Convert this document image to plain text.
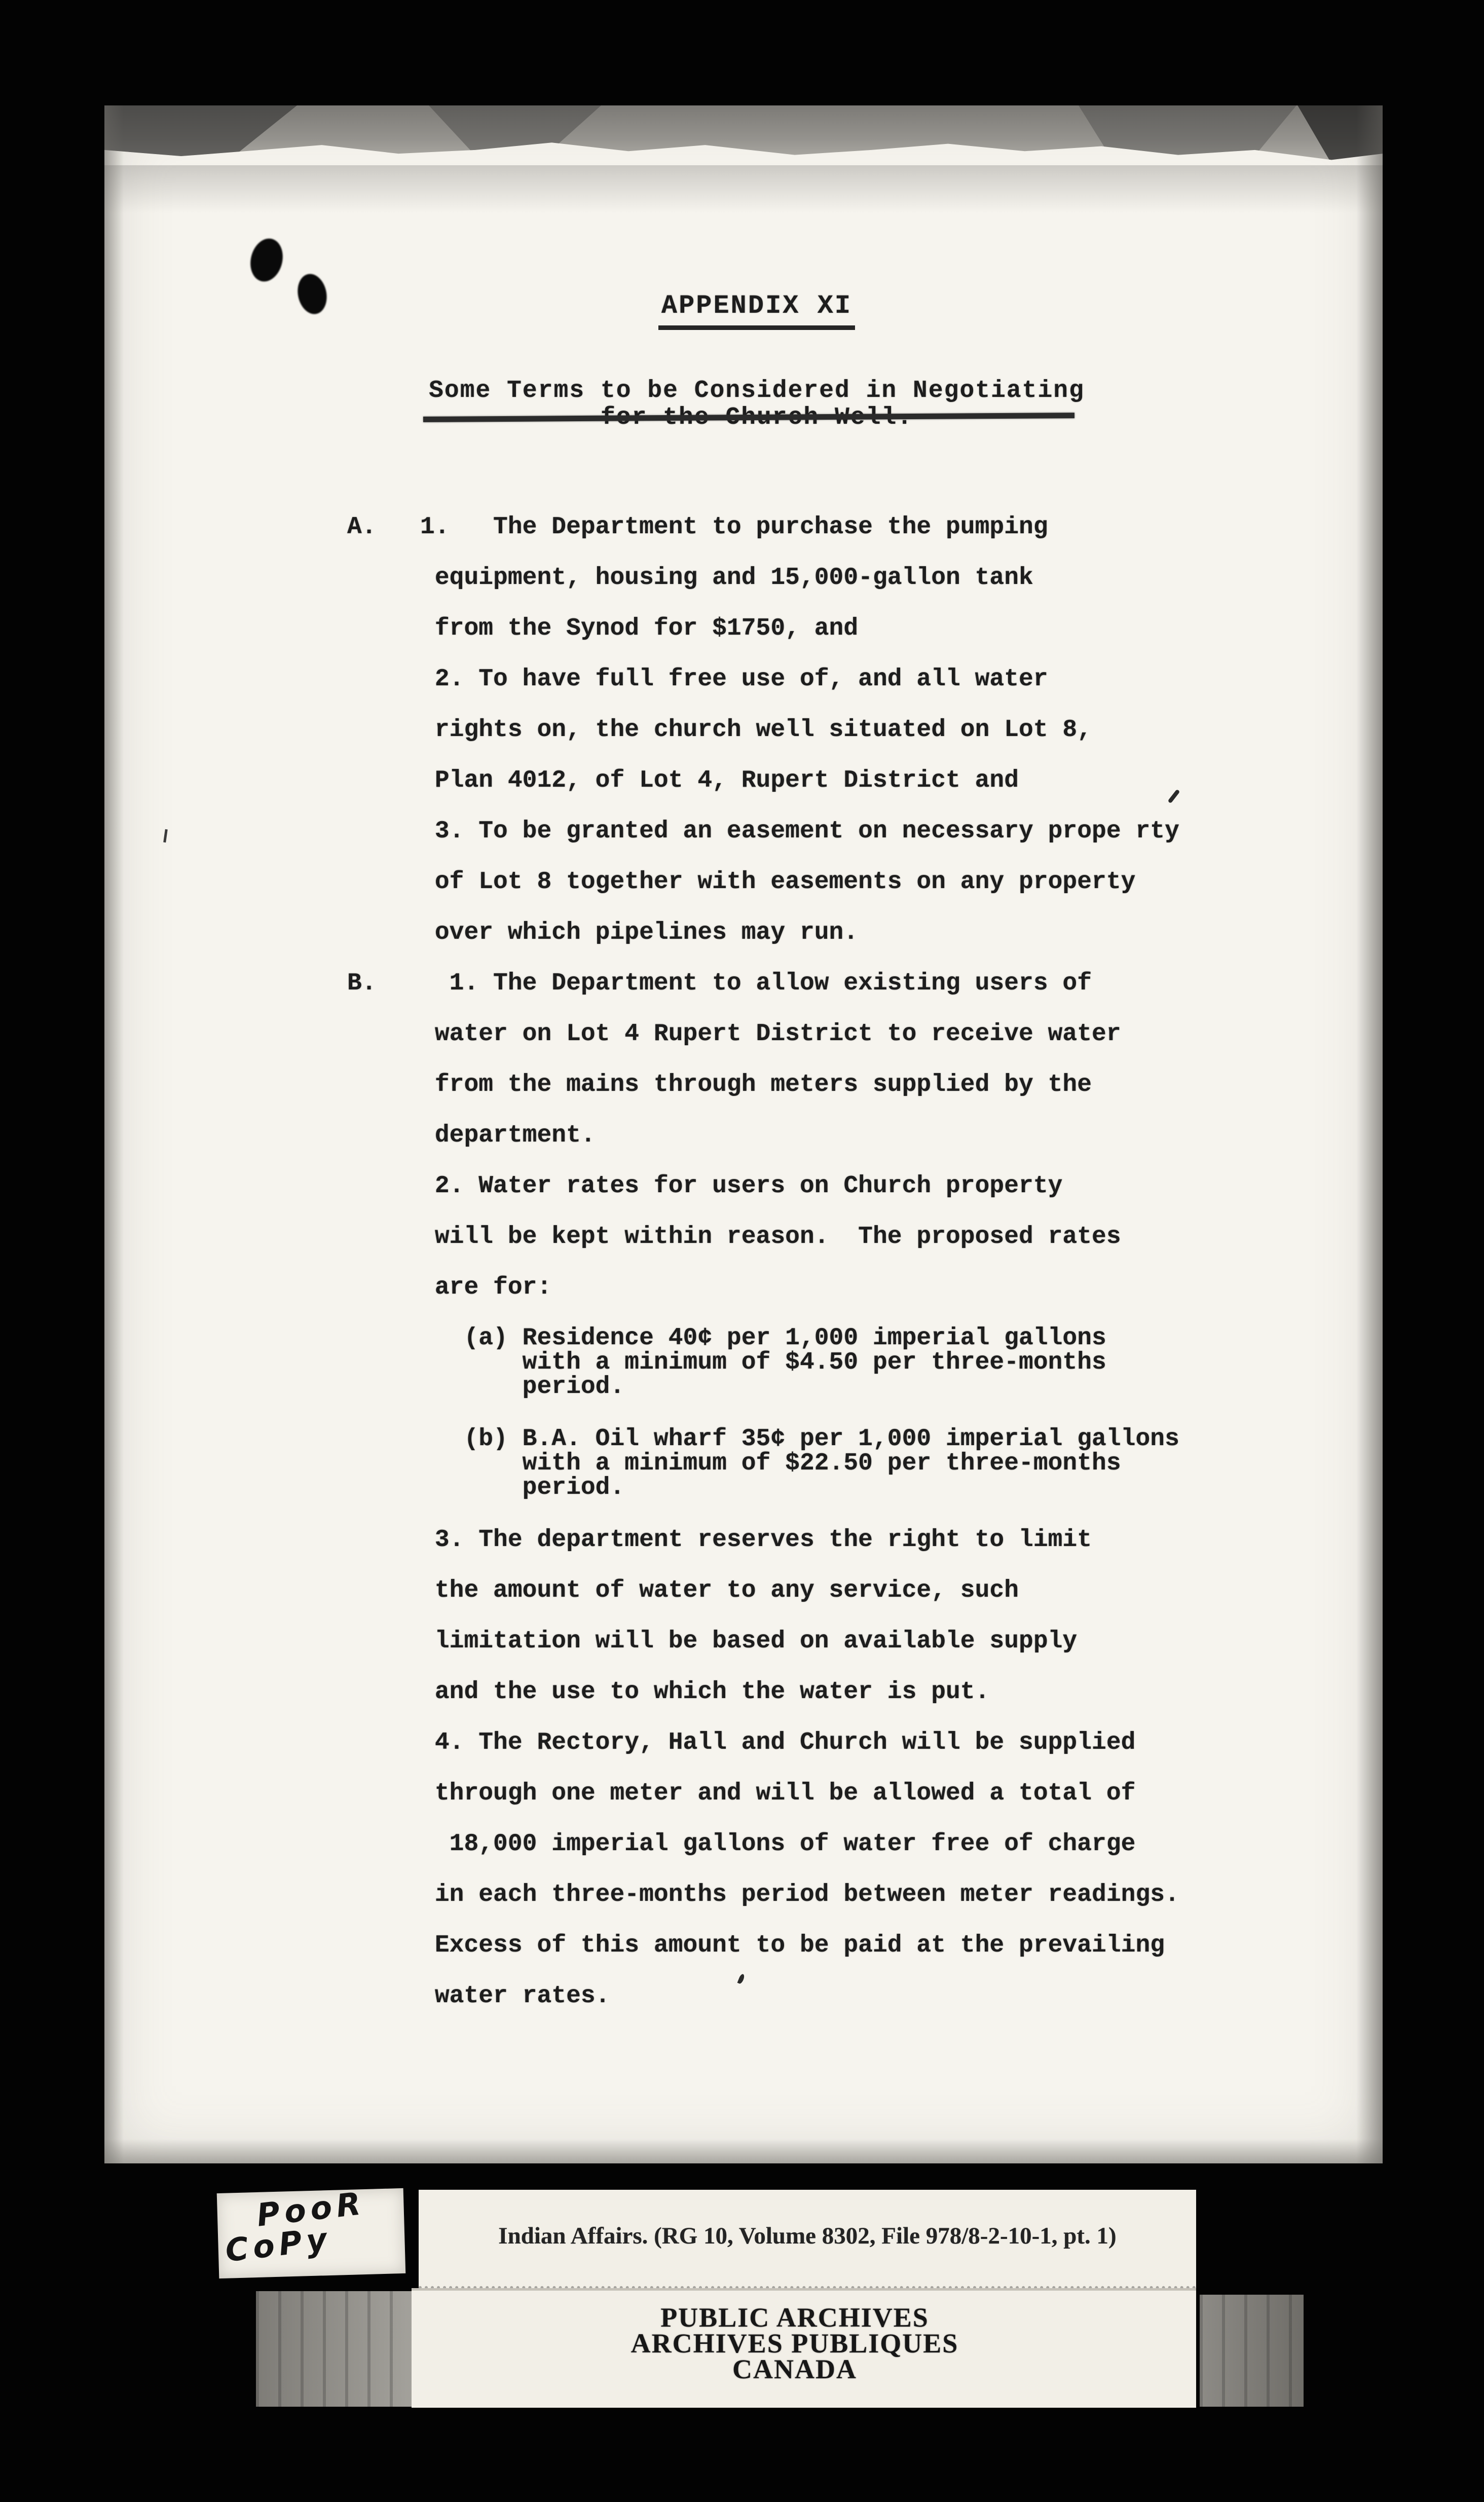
APPENDIX XI
Some Terms to be Considered in Negotiating

A.   1.   The Department to purchase the pumping
equipment, housing and 15,000-gallon tank
from the Synod for $1750, and
2. To have full free use of, and all water
rights on, the church well situated on Lot 8,
Plan 4012, of Lot 4, Rupert District and
3. To be granted an easement on necessary prope rty
of Lot 8 together with easements on any property
over which pipelines may run.
B.     1. The Department to allow existing users of
water on Lot 4 Rupert District to receive water
from the mains through meters supplied by the
department.
2. Water rates for users on Church property
will be kept within reason.  The proposed rates
are for:
(a) Residence 40¢ per 1,000 imperial gallons
with a minimum of $4.50 per three-months
period.
(b) B.A. Oil wharf 35¢ per 1,000 imperial gallons
with a minimum of $22.50 per three-months
period.
3. The department reserves the right to limit
the amount of water to any service, such
limitation will be based on available supply
and the use to which the water is put.
4. The Rectory, Hall and Church will be supplied
through one meter and will be allowed a total of
18,000 imperial gallons of water free of charge
in each three-months period between meter readings.
Excess of this amount to be paid at the prevailing
water rates.

PooR
CoPy	Indian Affairs. (RG 10, Volume 8302, File 978/8-2-10-1, pt. 1)
PUBLIC ARCHIVES
ARCHIVES PUBLIQUES
CANADA
